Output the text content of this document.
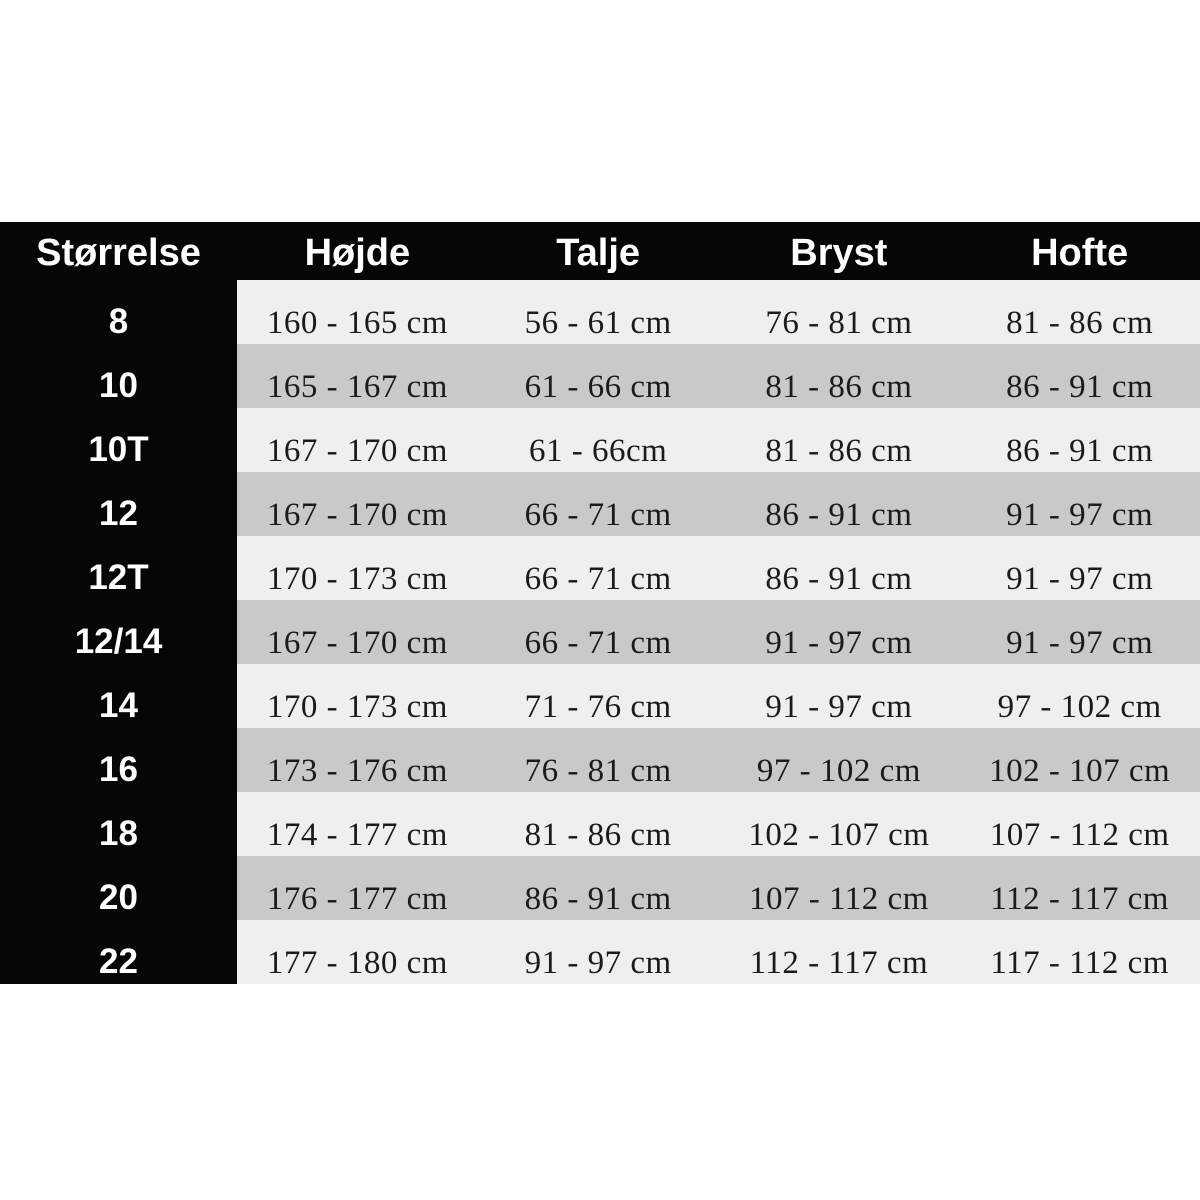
Størrelse	Højde	Talje	Bryst	Hofte
8	160 - 165 cm	56 - 61 cm	76 - 81 cm	81 - 86 cm
10	165 - 167 cm	61 - 66 cm	81 - 86 cm	86 - 91 cm
10T	167 - 170 cm	61 - 66cm	81 - 86 cm	86 - 91 cm
12	167 - 170 cm	66 - 71 cm	86 - 91 cm	91 - 97 cm
12T	170 - 173 cm	66 - 71 cm	86 - 91 cm	91 - 97 cm
12/14	167 - 170 cm	66 - 71 cm	91 - 97 cm	91 - 97 cm
14	170 - 173 cm	71 - 76 cm	91 - 97 cm	97 - 102 cm
16	173 - 176 cm	76 - 81 cm	97 - 102 cm	102 - 107 cm
18	174 - 177 cm	81 - 86 cm	102 - 107 cm	107 - 112 cm
20	176 - 177 cm	86 - 91 cm	107 - 112 cm	112 - 117 cm
22	177 - 180 cm	91 - 97 cm	112 - 117 cm	117 - 112 cm
